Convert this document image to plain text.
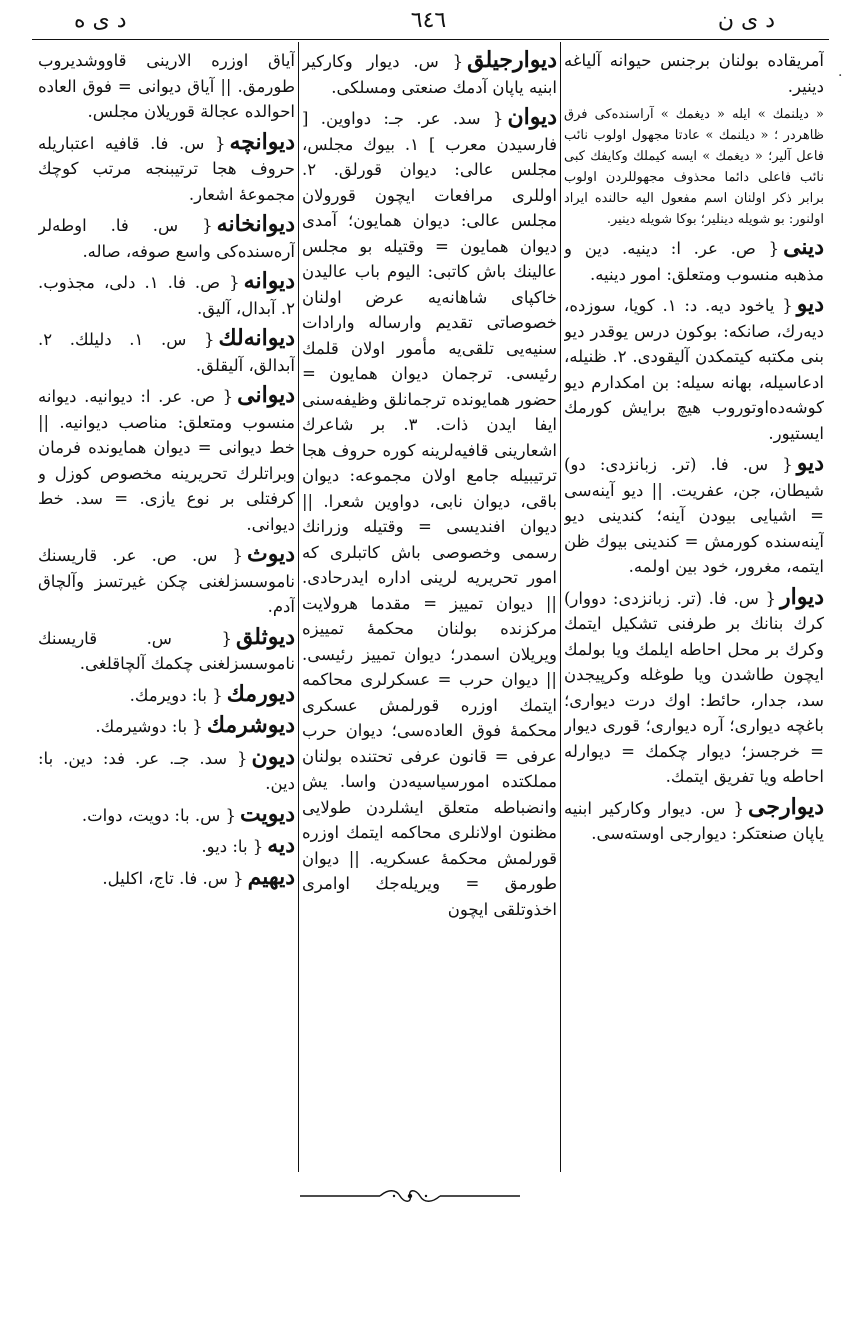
د ی ن
٦٤٦
د ی ه
·

آمریقاده بولنان برجنس حیوانه آلیاغه دینیر.

« دیلنمك » ایله « دیغمك » آراسنده‌کی فرق ظاهردر ؛ « دیلنمك » عادتا مجهول اولوب نائب فاعل آلیر؛ « دیغمك » ایسه کیملك وکایفك کبی نائب فاعلی دائما محذوف مجهوللردن اولوب برابر ذکر اولنان اسم مفعول الیه حالنده ایراد اولنور: بو شویله دینلیر؛ بوکا شویله دینیر.

دینی{ ص. عر. ا: دینیه. دین و مذهبه منسوب ومتعلق: امور دینیه.

دیو{ یاخود دیه. د: ١. کویا، سوزده، دیه‌رك، صانكه: بوکون درس یوقدر دیو بنی مکتبه کیتمکدن آلیقودی. ٢. ظنیله، ادعاسیله، بهانه سیله: بن امکدارم دیو کوشه‌ده‌اوتوروب هیچ برایش کورمك ایستیور.

دیو{ س. فا. (تر. زبانزدی: دو) شیطان، جن، عفریت. || دیو آینه‌سی = اشیایی بیودن آینه؛ کندینی دیو آینه‌سنده کورمش = کندینی بیوك ظن ایتمه، مغرور، خود بین اولمه.

دیوار{ س. فا. (تر. زبانزدی: دووار) کرك بنانك بر طرفنی تشکیل ایتمك وکرك بر محل احاطه ایلمك ویا بولمك ایچون طاشدن ویا طوغله وکرپیجدن سد، جدار، حائط: اوك درت دیواری؛ باغچه دیواری؛ آره دیواری؛ قوری دیوار = خرجسز؛ دیوار چکمك = دیوارله احاطه ویا تفریق ایتمك.

دیوارجی{ س. دیوار وکارکیر ابنیه یاپان صنعتکر: دیوارجی اوسته‌سی.

دیوارجیلق{ س. دیوار وکارکیر ابنیه یاپان آدمك صنعتی ومسلکی.

دیوان{ سد. عر. جـ: دواوین. [ فارسیدن معرب ] ١. بیوك مجلس، مجلس عالی: دیوان قورلق. ٢. اوللری مرافعات ایچون قورولان مجلس عالی: دیوان همایون؛ آمدی دیوان همایون = وقتیله بو مجلس عالینك باش کاتبی: الیوم باب عالیدن خاکپای شاهانه‌یه عرض اولنان خصوصاتی تقدیم وارساله وارادات سنیه‌یی تلقی‌یه مأمور اولان قلمك رئیسی. ترجمان دیوان همایون = حضور همایونده ترجمانلق وظیفه‌سنی ایفا ایدن ذات. ٣. بر شاعرك اشعارینی قافیه‌لرینه کوره حروف هجا ترتیبیله جامع اولان مجموعه: دیوان باقی، دیوان نابی، دواوین شعرا. || دیوان افندیسی = وقتیله وزرانك رسمی وخصوصی باش کاتبلری که امور تحریریه لرینی اداره ایدرحادی. || دیوان تمییز = مقدما هرولایت مرکزنده بولنان محکمۀ تمییزه ویریلان اسمدر؛ دیوان تمییز رئیسی. || دیوان حرب = عسکرلری محاکمه ایتمك اوزره قورلمش عسکری محکمۀ فوق العاده‌سی؛ دیوان حرب عرفی = قانون عرفی تحتنده بولنان مملکتده امورسیاسیه‌دن واسا. یش وانضباطه متعلق ایشلردن طولایی مظنون اولانلری محاکمه ایتمك اوزره قورلمش محکمۀ عسکریه. || دیوان طورمق = ویریله‌جك اوامری اخذوتلقی ایچون

آیاق اوزره الارینی قاووشدیروب طورمق. || آیاق دیوانی = فوق العاده احوالده عجالة قوریلان مجلس.

دیوانچه{ س. فا. قافیه اعتباریله حروف هجا ترتیبنجه مرتب کوچك مجموعۀ اشعار.

دیوانخانه{ س. فا. اوطه‌لر آره‌سنده‌کی واسع صوفه، صاله.

دیوانه{ ص. فا. ١. دلی، مجذوب. ٢. آبدال، آلیق.

دیوانه‌لك{ س. ١. دلیلك. ٢. آبدالق، آلیقلق.

دیوانی{ ص. عر. ا: دیوانیه. دیوانه منسوب ومتعلق: مناصب دیوانیه. || خط دیوانی = دیوان همایونده فرمان وبراتلرك تحریرینه مخصوص کوزل و کرفتلی بر نوع یازی. = سد. خط دیوانی.

دیوث{ س. ص. عر. قاریسنك ناموسسزلغنی چکن غیرتسز وآلچاق آدم.

دیوثلق{ س. قاریسنك ناموسسزلغنی چکمك آلچاقلغی.

دیورمك{ با: دویرمك.

دیوشرمك{ با: دوشیرمك.

دیون{ سد. جـ. عر. فد: دین. با: دین.

دیویت{ س. با: دویت، دوات.

دیه{ با: دیو.

دیهیم{ س. فا. تاج، اکلیل.
